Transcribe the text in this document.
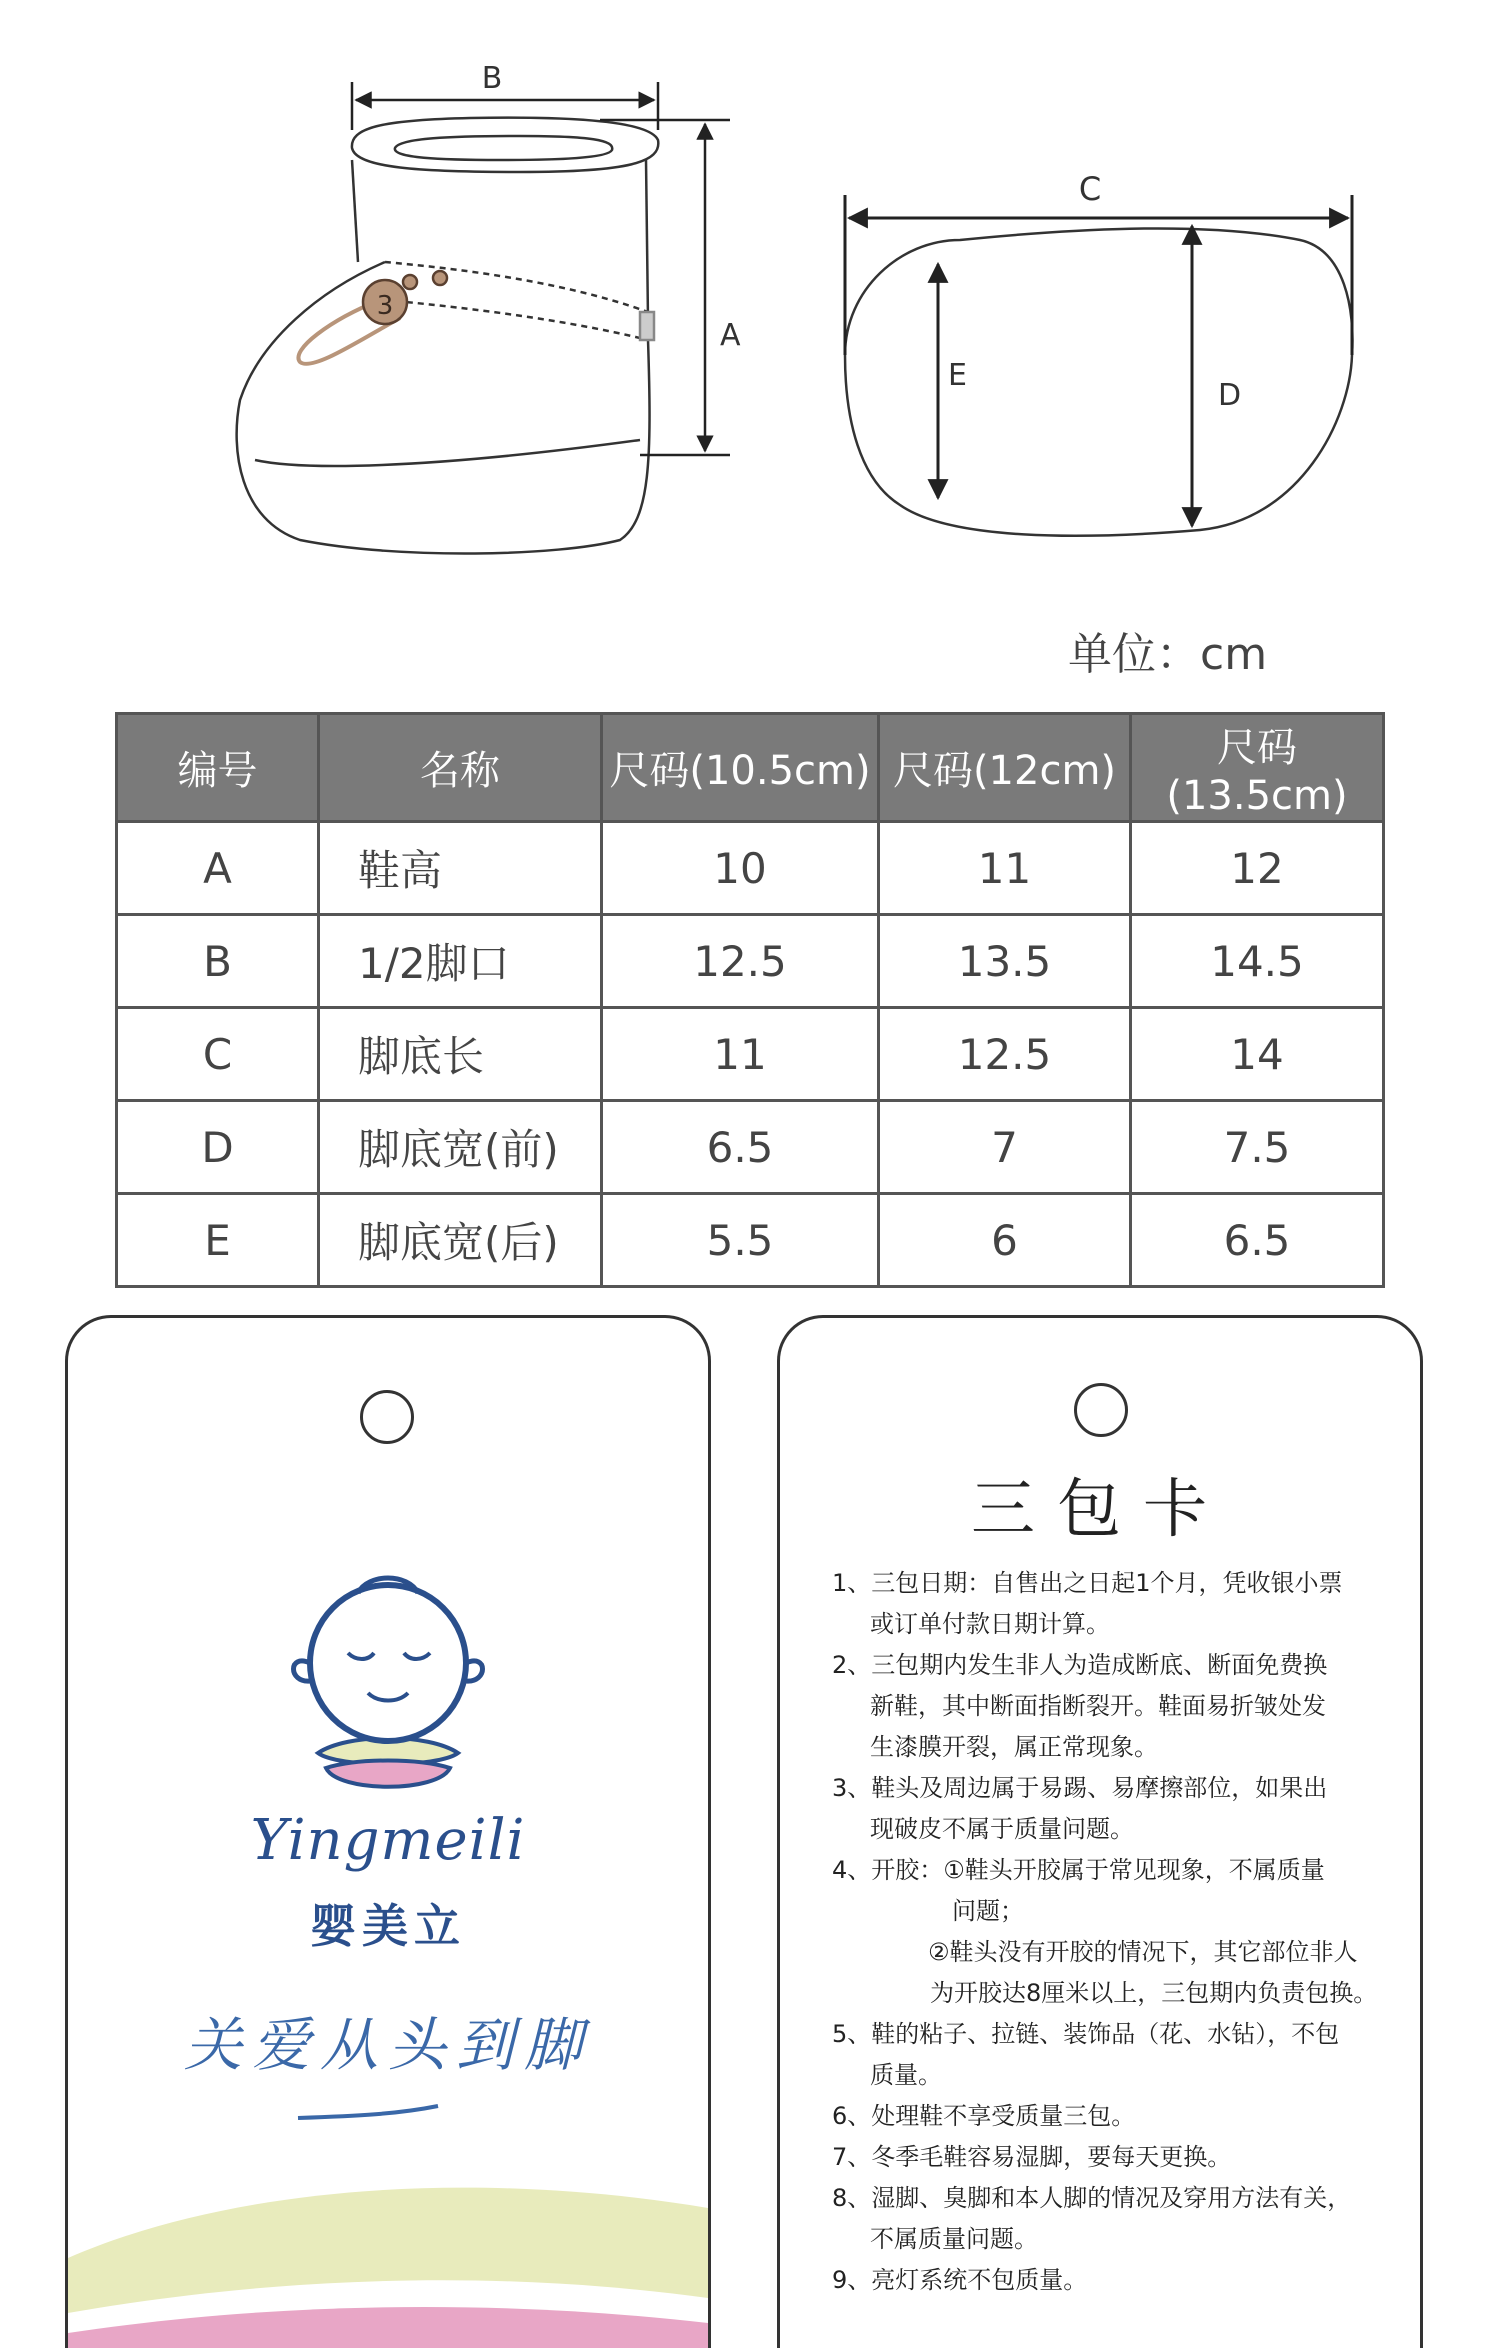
3
B
A
C
E
D
单位：cm
编号	名称	尺码(10.5cm)	尺码(12cm)	尺码(13.5cm)
A	鞋高	10	11	12
B	1/2脚口	12.5	13.5	14.5
C	脚底长	11	12.5	14
D	脚底宽(前)	6.5	7	7.5
E	脚底宽(后)	5.5	6	6.5
Yingmeili
婴美立
关爱从头到脚
三包卡
1、三包日期：自售出之日起1个月，凭收银小票
或订单付款日期计算。
2、三包期内发生非人为造成断底、断面免费换
新鞋，其中断面指断裂开。鞋面易折皱处发
生漆膜开裂，属正常现象。
3、鞋头及周边属于易踢、易摩擦部位，如果出
现破皮不属于质量问题。
4、开胶：①鞋头开胶属于常见现象，不属质量
问题；
②鞋头没有开胶的情况下，其它部位非人
为开胶达8厘米以上，三包期内负责包换。
5、鞋的粘子、拉链、装饰品（花、水钻），不包
质量。
6、处理鞋不享受质量三包。
7、冬季毛鞋容易湿脚，要每天更换。
8、湿脚、臭脚和本人脚的情况及穿用方法有关，
不属质量问题。
9、亮灯系统不包质量。
